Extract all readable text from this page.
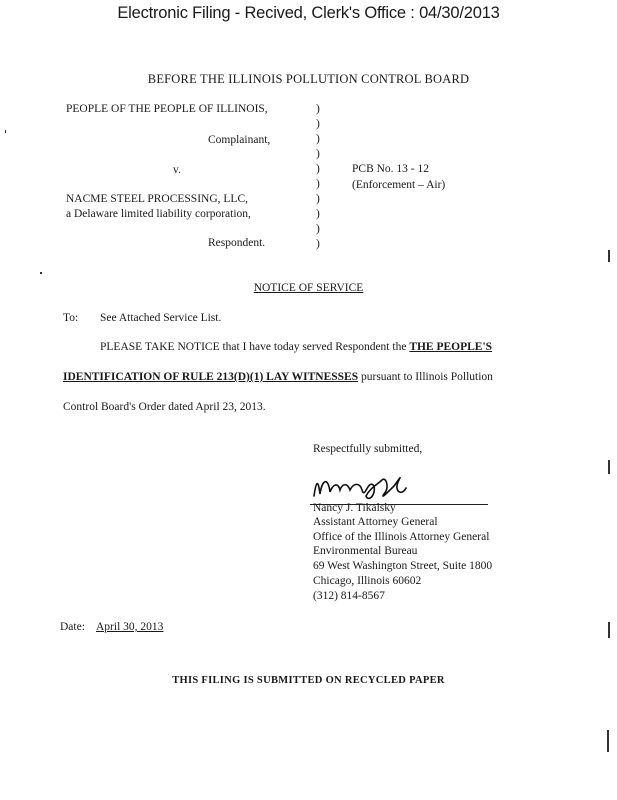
Electronic Filing - Recived, Clerk's Office : 04/30/2013
BEFORE THE ILLINOIS POLLUTION CONTROL BOARD
PEOPLE OF THE PEOPLE OF ILLINOIS,
Complainant,
v.
NACME STEEL PROCESSING, LLC,
a Delaware limited liability corporation,
Respondent.
PCB No. 13 - 12
(Enforcement – Air)
)
)
)
)
)
)
)
)
)
)
NOTICE OF SERVICE
To: See Attached Service List.
PLEASE TAKE NOTICE that I have today served Respondent the THE PEOPLE'S
IDENTIFICATION OF RULE 213(D)(1) LAY WITNESSES pursuant to Illinois Pollution
Control Board's Order dated April 23, 2013.
Respectfully submitted,
Nancy J. Tikalsky
Assistant Attorney General
Office of the Illinois Attorney General
Environmental Bureau
69 West Washington Street, Suite 1800
Chicago, Illinois 60602
(312) 814-8567
Date: April 30, 2013
THIS FILING IS SUBMITTED ON RECYCLED PAPER
